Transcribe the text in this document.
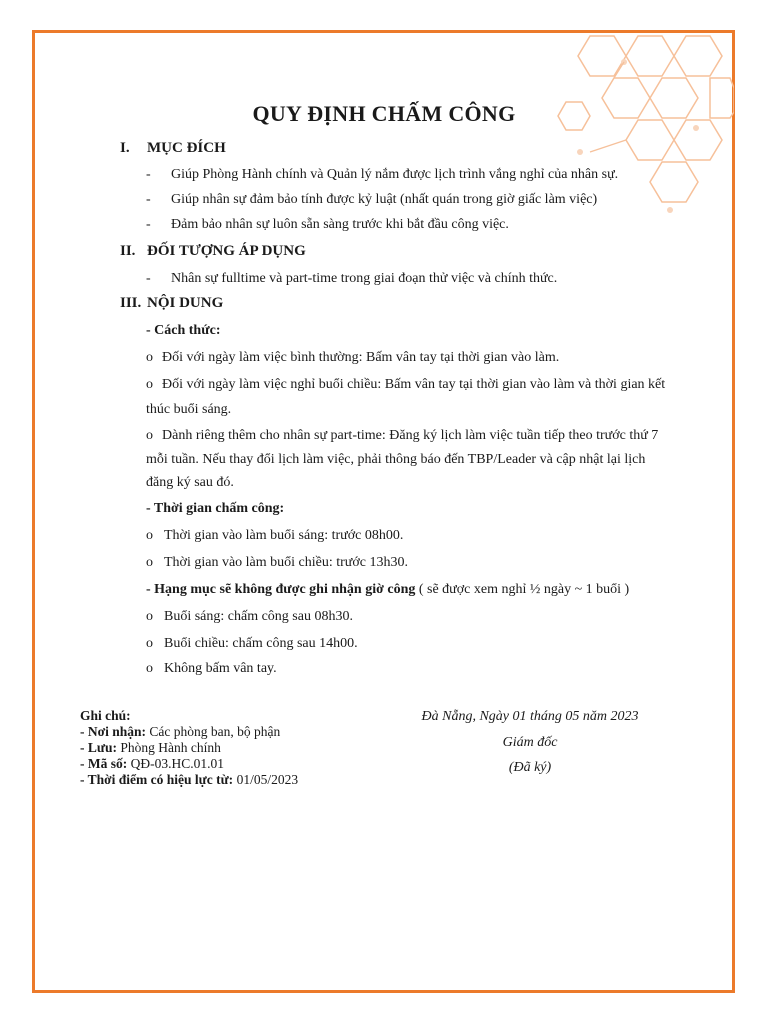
QUY ĐỊNH CHẤM CÔNG
I. MỤC ĐÍCH
- Giúp Phòng Hành chính và Quản lý nắm được lịch trình vắng nghỉ của nhân sự.
- Giúp nhân sự đảm bảo tính được kỷ luật (nhất quán trong giờ giấc làm việc)
- Đảm bảo nhân sự luôn sẵn sàng trước khi bắt đầu công việc.
II. ĐỐI TƯỢNG ÁP DỤNG
- Nhân sự fulltime và part-time trong giai đoạn thử việc và chính thức.
III. NỘI DUNG
- Cách thức:
o Đối với ngày làm việc bình thường: Bấm vân tay tại thời gian vào làm.
o Đối với ngày làm việc nghỉ buổi chiều: Bấm vân tay tại thời gian vào làm và thời gian kết
thúc buổi sáng.
o Dành riêng thêm cho nhân sự part-time: Đăng ký lịch làm việc tuần tiếp theo trước thứ 7
mỗi tuần. Nếu thay đổi lịch làm việc, phải thông báo đến TBP/Leader và cập nhật lại lịch
đăng ký sau đó.
- Thời gian chấm công:
o Thời gian vào làm buổi sáng: trước 08h00.
o Thời gian vào làm buổi chiều: trước 13h30.
- Hạng mục sẽ không được ghi nhận giờ công ( sẽ được xem nghỉ ½ ngày ~ 1 buổi )
o Buổi sáng: chấm công sau 08h30.
o Buổi chiều: chấm công sau 14h00.
o Không bấm vân tay.
Ghi chú:
- Nơi nhận: Các phòng ban, bộ phận
- Lưu: Phòng Hành chính
- Mã số: QĐ-03.HC.01.01
- Thời điểm có hiệu lực từ: 01/05/2023
Đà Nẵng, Ngày 01 tháng 05 năm 2023
Giám đốc
(Đã ký)
